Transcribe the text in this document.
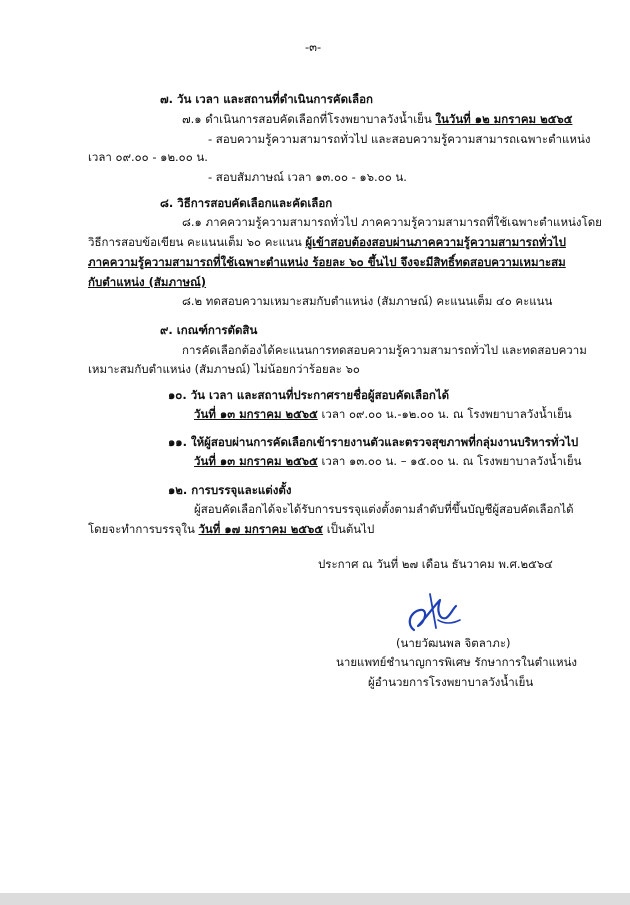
-๓-
๗. วัน เวลา และสถานที่ดำเนินการคัดเลือก
๗.๑ ดำเนินการสอบคัดเลือกที่โรงพยาบาลวังน้ำเย็น ในวันที่ ๑๒ มกราคม ๒๕๖๕
- สอบความรู้ความสามารถทั่วไป และสอบความรู้ความสามารถเฉพาะตำแหน่ง
เวลา ๐๙.๐๐ - ๑๒.๐๐ น.
- สอบสัมภาษณ์ เวลา ๑๓.๐๐ - ๑๖.๐๐ น.
๘. วิธีการสอบคัดเลือกและคัดเลือก
๘.๑ ภาคความรู้ความสามารถทั่วไป ภาคความรู้ความสามารถที่ใช้เฉพาะตำแหน่งโดย
วิธีการสอบข้อเขียน คะแนนเต็ม ๖๐ คะแนน ผู้เข้าสอบต้องสอบผ่านภาคความรู้ความสามารถทั่วไป
ภาคความรู้ความสามารถที่ใช้เฉพาะตำแหน่ง ร้อยละ ๖๐ ขึ้นไป จึงจะมีสิทธิ์ทดสอบความเหมาะสม
กับตำแหน่ง (สัมภาษณ์)
๘.๒ ทดสอบความเหมาะสมกับตำแหน่ง (สัมภาษณ์) คะแนนเต็ม ๔๐ คะแนน
๙. เกณฑ์การตัดสิน
การคัดเลือกต้องได้คะแนนการทดสอบความรู้ความสามารถทั่วไป และทดสอบความ
เหมาะสมกับตำแหน่ง (สัมภาษณ์) ไม่น้อยกว่าร้อยละ ๖๐
๑๐. วัน เวลา และสถานที่ประกาศรายชื่อผู้สอบคัดเลือกได้
วันที่ ๑๓ มกราคม ๒๕๖๕ เวลา ๐๙.๐๐ น.-๑๒.๐๐ น. ณ โรงพยาบาลวังน้ำเย็น
๑๑. ให้ผู้สอบผ่านการคัดเลือกเข้ารายงานตัวและตรวจสุขภาพที่กลุ่มงานบริหารทั่วไป
วันที่ ๑๓ มกราคม ๒๕๖๕ เวลา ๑๓.๐๐ น. – ๑๕.๐๐ น. ณ โรงพยาบาลวังน้ำเย็น
๑๒. การบรรจุและแต่งตั้ง
ผู้สอบคัดเลือกได้จะได้รับการบรรจุแต่งตั้งตามลำดับที่ขึ้นบัญชีผู้สอบคัดเลือกได้
โดยจะทำการบรรจุใน วันที่ ๑๗ มกราคม ๒๕๖๕ เป็นต้นไป
ประกาศ ณ วันที่ ๒๗ เดือน ธันวาคม พ.ศ.๒๕๖๔
(นายวัฒนพล จิตลาภะ)
นายแพทย์ชำนาญการพิเศษ รักษาการในตำแหน่ง
ผู้อำนวยการโรงพยาบาลวังน้ำเย็น
